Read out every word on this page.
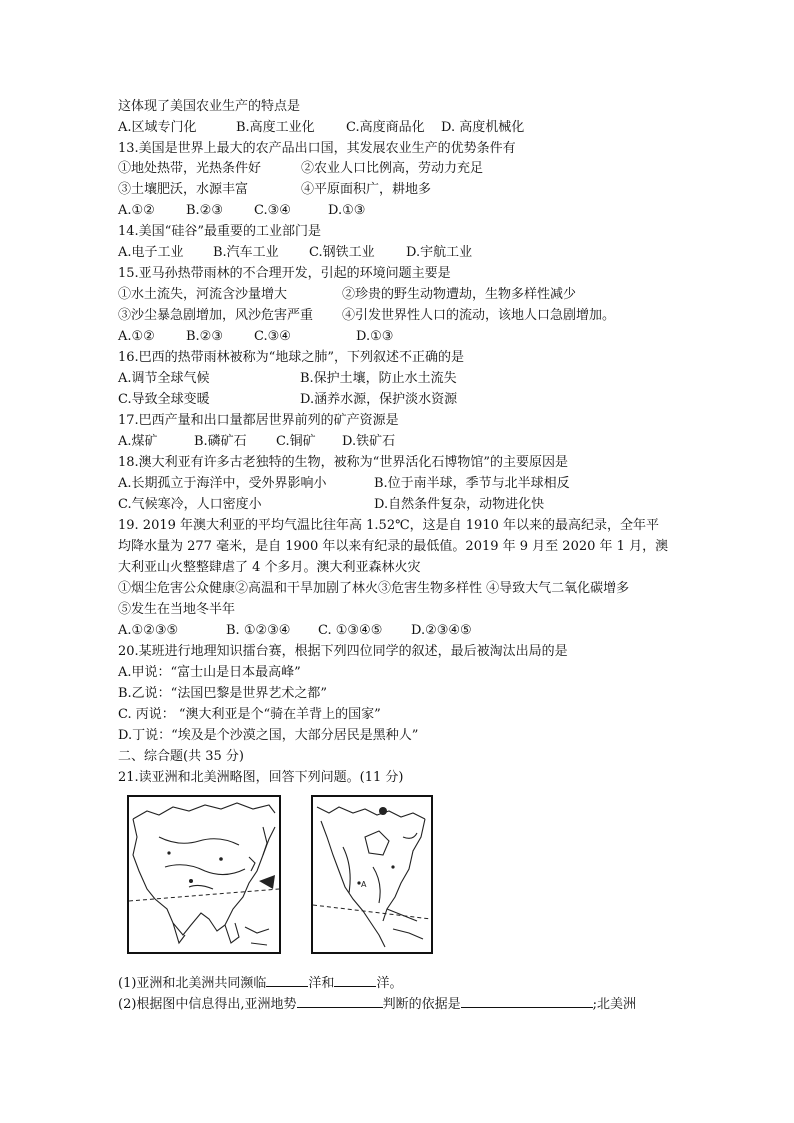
这体现了美国农业生产的特点是
A.区域专门化	B.高度工业化 C.高度商品化 D. 高度机械化
13.美国是世界上最大的农产品出口国，其发展农业生产的优势条件有
①地处热带，光热条件好	②农业人口比例高，劳动力充足
③土壤肥沃，水源丰富	④平原面积广，耕地多
A.①② B.②③ C.③④	D.①③
14.美国“硅谷”最重要的工业部门是
A.电子工业 B.汽车工业 C.钢铁工业 D.宇航工业
15.亚马孙热带雨林的不合理开发，引起的环境问题主要是
①水土流失，河流含沙量增大	②珍贵的野生动物遭劫，生物多样性减少
③沙尘暴急剧增加，风沙危害严重 ④引发世界性人口的流动，该地人口急剧增加。
A.①② B.②③ C.③④	D.①③
16.巴西的热带雨林被称为“地球之肺”，下列叙述不正确的是
A.调节全球气候	B.保护土壤，防止水土流失
C.导致全球变暖	D.涵养水源，保护淡水资源
17.巴西产量和出口量都居世界前列的矿产资源是
A.煤矿	B.磷矿石 C.铜矿 D.铁矿石
18.澳大利亚有许多古老独特的生物，被称为“世界活化石博物馆”的主要原因是
A.长期孤立于海洋中，受外界影响小	B.位于南半球，季节与北半球相反
C.气候寒冷，人口密度小	D.自然条件复杂，动物进化快
19. 2019 年澳大利亚的平均气温比往年高 1.52℃，这是自 1910 年以来的最高纪录，全年平
均降水量为 277 毫米，是自 1900 年以来有纪录的最低值。2019 年 9 月至 2020 年 1 月，澳
大利亚山火整整肆虐了 4 个多月。澳大利亚森林火灾
①烟尘危害公众健康②高温和干旱加剧了林火③危害生物多样性 ④导致大气二氧化碳增多
⑤发生在当地冬半年
A.①②③⑤	B. ①②③④ C. ①③④⑤ D.②③④⑤
20.某班进行地理知识擂台赛，根据下列四位同学的叙述，最后被淘汰出局的是
A.甲说：“富士山是日本最高峰”
B.乙说：“法国巴黎是世界艺术之都”
C. 丙说： “澳大利亚是个“骑在羊背上的国家”
D.丁说：“埃及是个沙漠之国，大部分居民是黑种人”
二、综合题(共 35 分)
21.读亚洲和北美洲略图，回答下列问题。(11 分)
A
(1)亚洲和北美洲共同濒临	洋和	洋。
(2)根据图中信息得出,亚洲地势	判断的依据是	;北美洲
